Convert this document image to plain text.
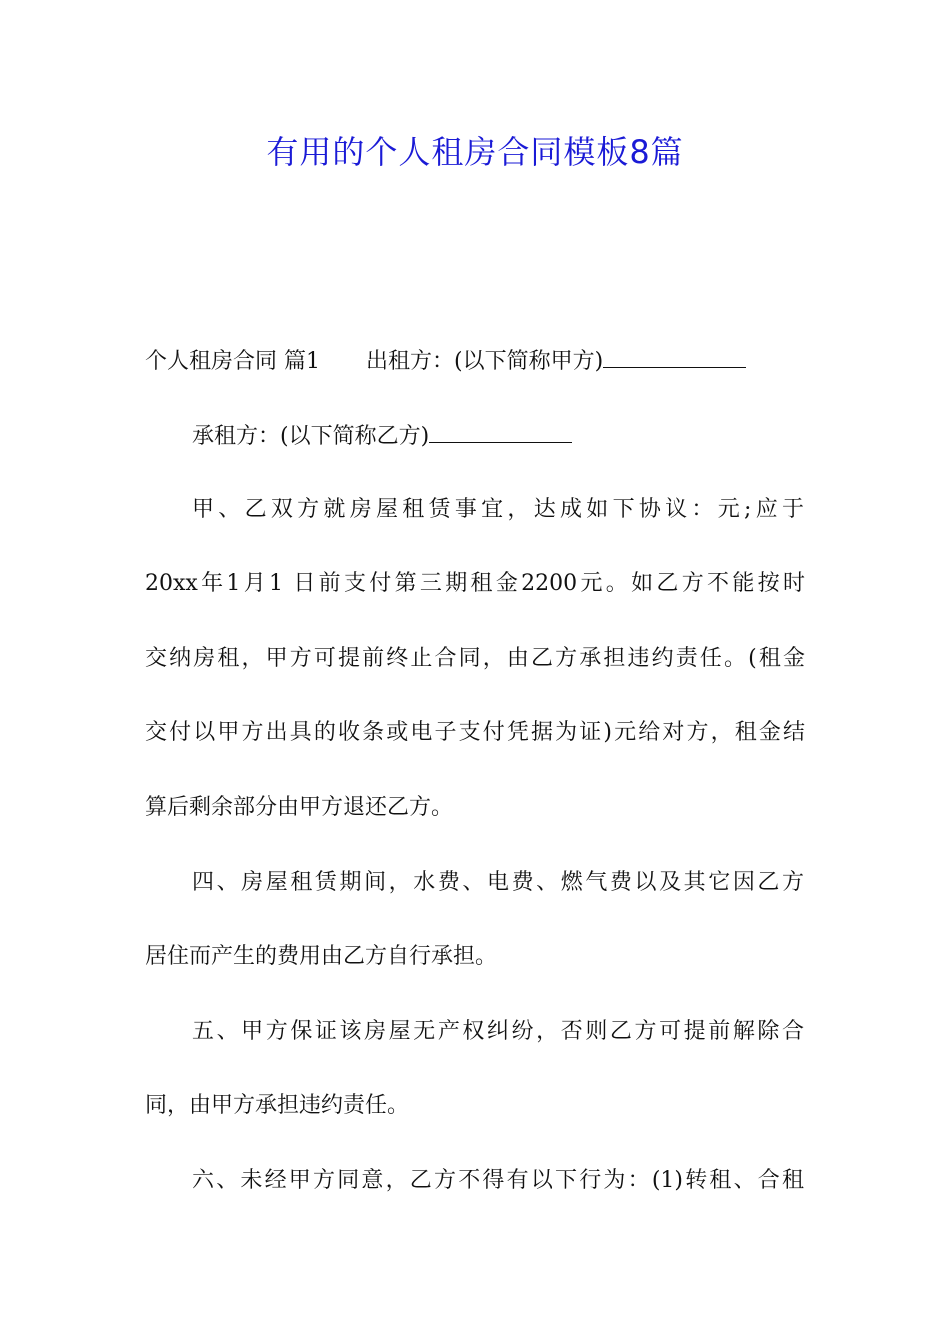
有用的个人租房合同模板8篇
个人租房合同 篇1 出租方：(以下简称甲方)
承租方：(以下简称乙方)
甲、乙双方就房屋租赁事宜，达成如下协议：元;应于
20xx年1月1 日前支付第三期租金2200元。如乙方不能按时
交纳房租，甲方可提前终止合同，由乙方承担违约责任。(租金
交付以甲方出具的收条或电子支付凭据为证)元给对方，租金结
算后剩余部分由甲方退还乙方。
四、房屋租赁期间，水费、电费、燃气费以及其它因乙方
居住而产生的费用由乙方自行承担。
五、甲方保证该房屋无产权纠纷，否则乙方可提前解除合
同，由甲方承担违约责任。
六、未经甲方同意，乙方不得有以下行为：(1)转租、合租
